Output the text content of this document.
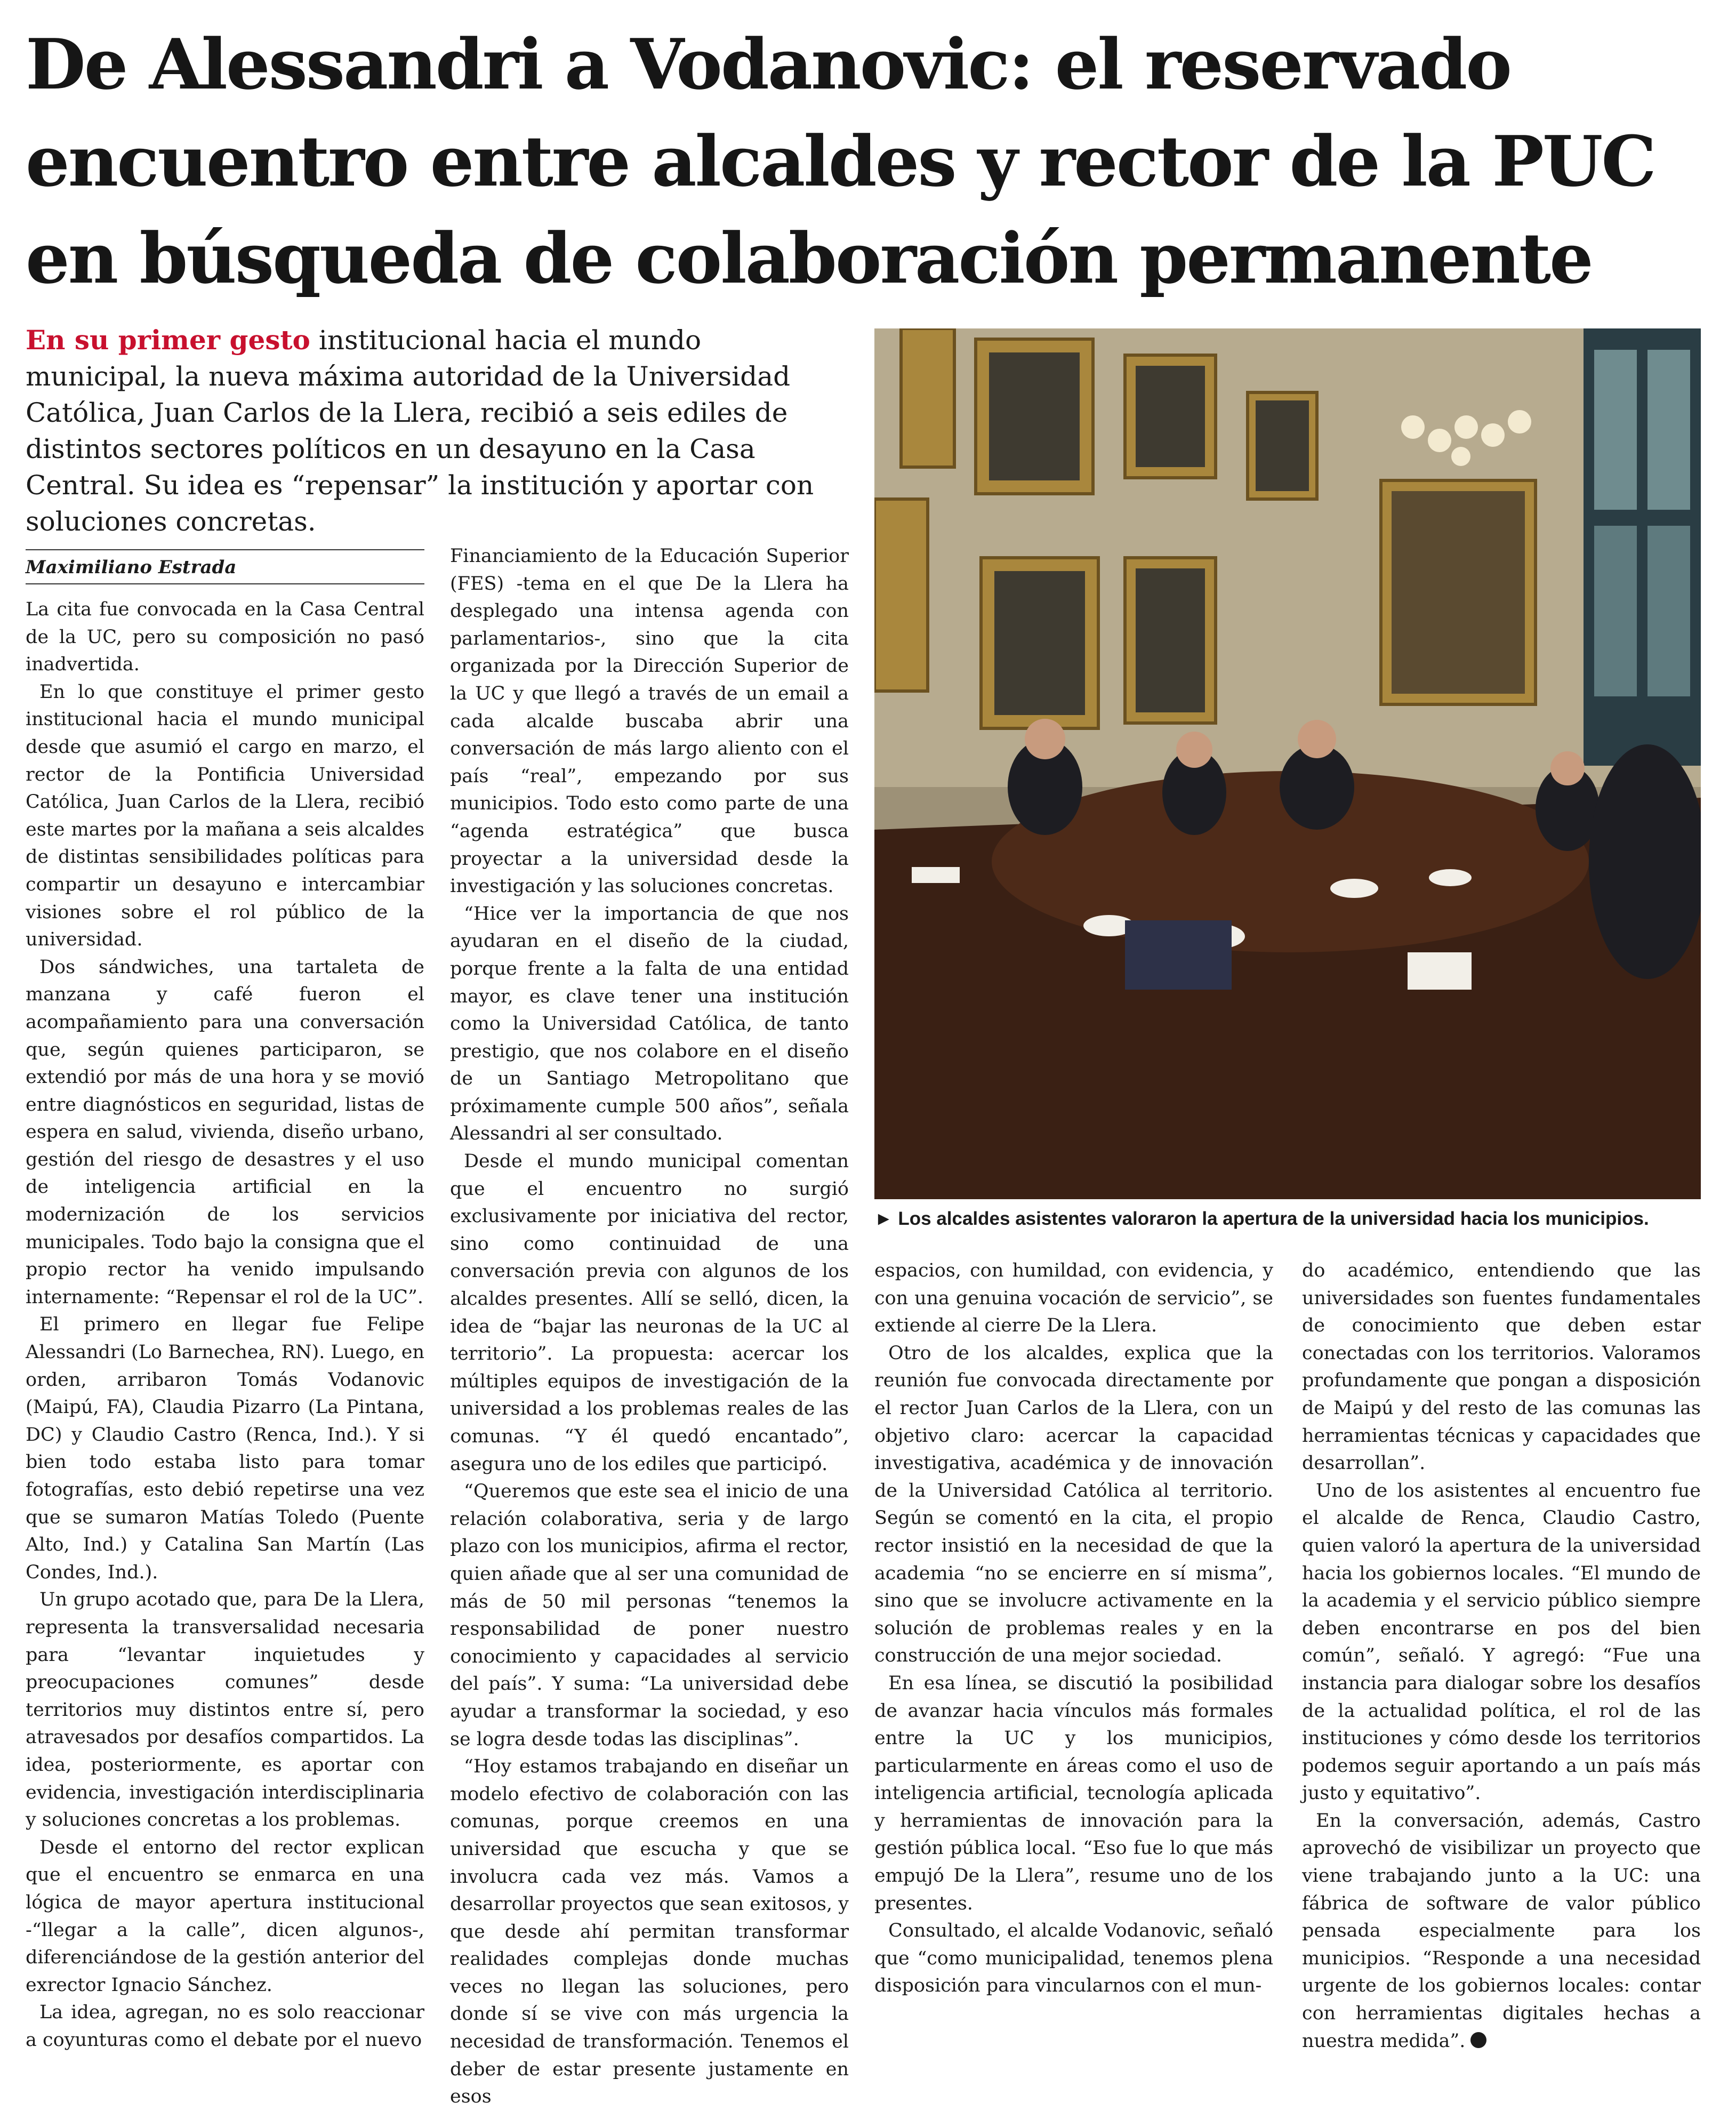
De Alessandri a Vodanovic: el reservado encuentro entre alcaldes y rector de la PUC en búsqueda de colaboración permanente

En su primer gesto institucional hacia el mundo municipal, la nueva máxima autoridad de la Universidad Católica, Juan Carlos de la Llera, recibió a seis ediles de distintos sectores políticos en un desayuno en la Casa Central. Su idea es “repensar” la institución y aportar con soluciones concretas.

► Los alcaldes asistentes valoraron la apertura de la universidad hacia los municipios.

Maximiliano Estrada

La cita fue convocada en la Casa Central de la UC, pero su composición no pasó inadvertida.

En lo que constituye el primer gesto institucional hacia el mundo municipal desde que asumió el cargo en marzo, el rector de la Pontificia Universidad Católica, Juan Carlos de la Llera, recibió este martes por la mañana a seis alcaldes de distintas sensibilidades políticas para compartir un desayuno e intercambiar visiones sobre el rol público de la universidad.

Dos sándwiches, una tartaleta de manzana y café fueron el acompañamiento para una conversación que, según quienes participaron, se extendió por más de una hora y se movió entre diagnósticos en seguridad, listas de espera en salud, vivienda, diseño urbano, gestión del riesgo de desastres y el uso de inteligencia artificial en la modernización de los servicios municipales. Todo bajo la consigna que el propio rector ha venido impulsando internamente: “Repensar el rol de la UC”.

El primero en llegar fue Felipe Alessandri (Lo Barnechea, RN). Luego, en orden, arribaron Tomás Vodanovic (Maipú, FA), Claudia Pizarro (La Pintana, DC) y Claudio Castro (Renca, Ind.). Y si bien todo estaba listo para tomar fotografías, esto debió repetirse una vez que se sumaron Matías Toledo (Puente Alto, Ind.) y Catalina San Martín (Las Condes, Ind.).

Un grupo acotado que, para De la Llera, representa la transversalidad necesaria para “levantar inquietudes y preocupaciones comunes” desde territorios muy distintos entre sí, pero atravesados por desafíos compartidos. La idea, posteriormente, es aportar con evidencia, investigación interdisciplinaria y soluciones concretas a los problemas.

Desde el entorno del rector explican que el encuentro se enmarca en una lógica de mayor apertura institucional -“llegar a la calle”, dicen algunos-, diferenciándose de la gestión anterior del exrector Ignacio Sánchez.

La idea, agregan, no es solo reaccionar a coyunturas como el debate por el nuevo

Financiamiento de la Educación Superior (FES) -tema en el que De la Llera ha desplegado una intensa agenda con parlamentarios-, sino que la cita organizada por la Dirección Superior de la UC y que llegó a través de un email a cada alcalde buscaba abrir una conversación de más largo aliento con el país “real”, empezando por sus municipios. Todo esto como parte de una “agenda estratégica” que busca proyectar a la universidad desde la investigación y las soluciones concretas.

“Hice ver la importancia de que nos ayudaran en el diseño de la ciudad, porque frente a la falta de una entidad mayor, es clave tener una institución como la Universidad Católica, de tanto prestigio, que nos colabore en el diseño de un Santiago Metropolitano que próximamente cumple 500 años”, señala Alessandri al ser consultado.

Desde el mundo municipal comentan que el encuentro no surgió exclusivamente por iniciativa del rector, sino como continuidad de una conversación previa con algunos de los alcaldes presentes. Allí se selló, dicen, la idea de “bajar las neuronas de la UC al territorio”. La propuesta: acercar los múltiples equipos de investigación de la universidad a los problemas reales de las comunas. “Y él quedó encantado”, asegura uno de los ediles que participó.

“Queremos que este sea el inicio de una relación colaborativa, seria y de largo plazo con los municipios, afirma el rector, quien añade que al ser una comunidad de más de 50 mil personas “tenemos la responsabilidad de poner nuestro conocimiento y capacidades al servicio del país”. Y suma: “La universidad debe ayudar a transformar la sociedad, y eso se logra desde todas las disciplinas”.

“Hoy estamos trabajando en diseñar un modelo efectivo de colaboración con las comunas, porque creemos en una universidad que escucha y que se involucra cada vez más. Vamos a desarrollar proyectos que sean exitosos, y que desde ahí permitan transformar realidades complejas donde muchas veces no llegan las soluciones, pero donde sí se vive con más urgencia la necesidad de transformación. Tenemos el deber de estar presente justamente en esos

espacios, con humildad, con evidencia, y con una genuina vocación de servicio”, se extiende al cierre De la Llera.

Otro de los alcaldes, explica que la reunión fue convocada directamente por el rector Juan Carlos de la Llera, con un objetivo claro: acercar la capacidad investigativa, académica y de innovación de la Universidad Católica al territorio. Según se comentó en la cita, el propio rector insistió en la necesidad de que la academia “no se encierre en sí misma”, sino que se involucre activamente en la solución de problemas reales y en la construcción de una mejor sociedad.

En esa línea, se discutió la posibilidad de avanzar hacia vínculos más formales entre la UC y los municipios, particularmente en áreas como el uso de inteligencia artificial, tecnología aplicada y herramientas de innovación para la gestión pública local. “Eso fue lo que más empujó De la Llera”, resume uno de los presentes.

Consultado, el alcalde Vodanovic, señaló que “como municipalidad, tenemos plena disposición para vincularnos con el mun-

do académico, entendiendo que las universidades son fuentes fundamentales de conocimiento que deben estar conectadas con los territorios. Valoramos profundamente que pongan a disposición de Maipú y del resto de las comunas las herramientas técnicas y capacidades que desarrollan”.

Uno de los asistentes al encuentro fue el alcalde de Renca, Claudio Castro, quien valoró la apertura de la universidad hacia los gobiernos locales. “El mundo de la academia y el servicio público siempre deben encontrarse en pos del bien común”, señaló. Y agregó: “Fue una instancia para dialogar sobre los desafíos de la actualidad política, el rol de las instituciones y cómo desde los territorios podemos seguir aportando a un país más justo y equitativo”.

En la conversación, además, Castro aprovechó de visibilizar un proyecto que viene trabajando junto a la UC: una fábrica de software de valor público pensada especialmente para los municipios. “Responde a una necesidad urgente de los gobiernos locales: contar con herramientas digitales hechas a nuestra medida”.
